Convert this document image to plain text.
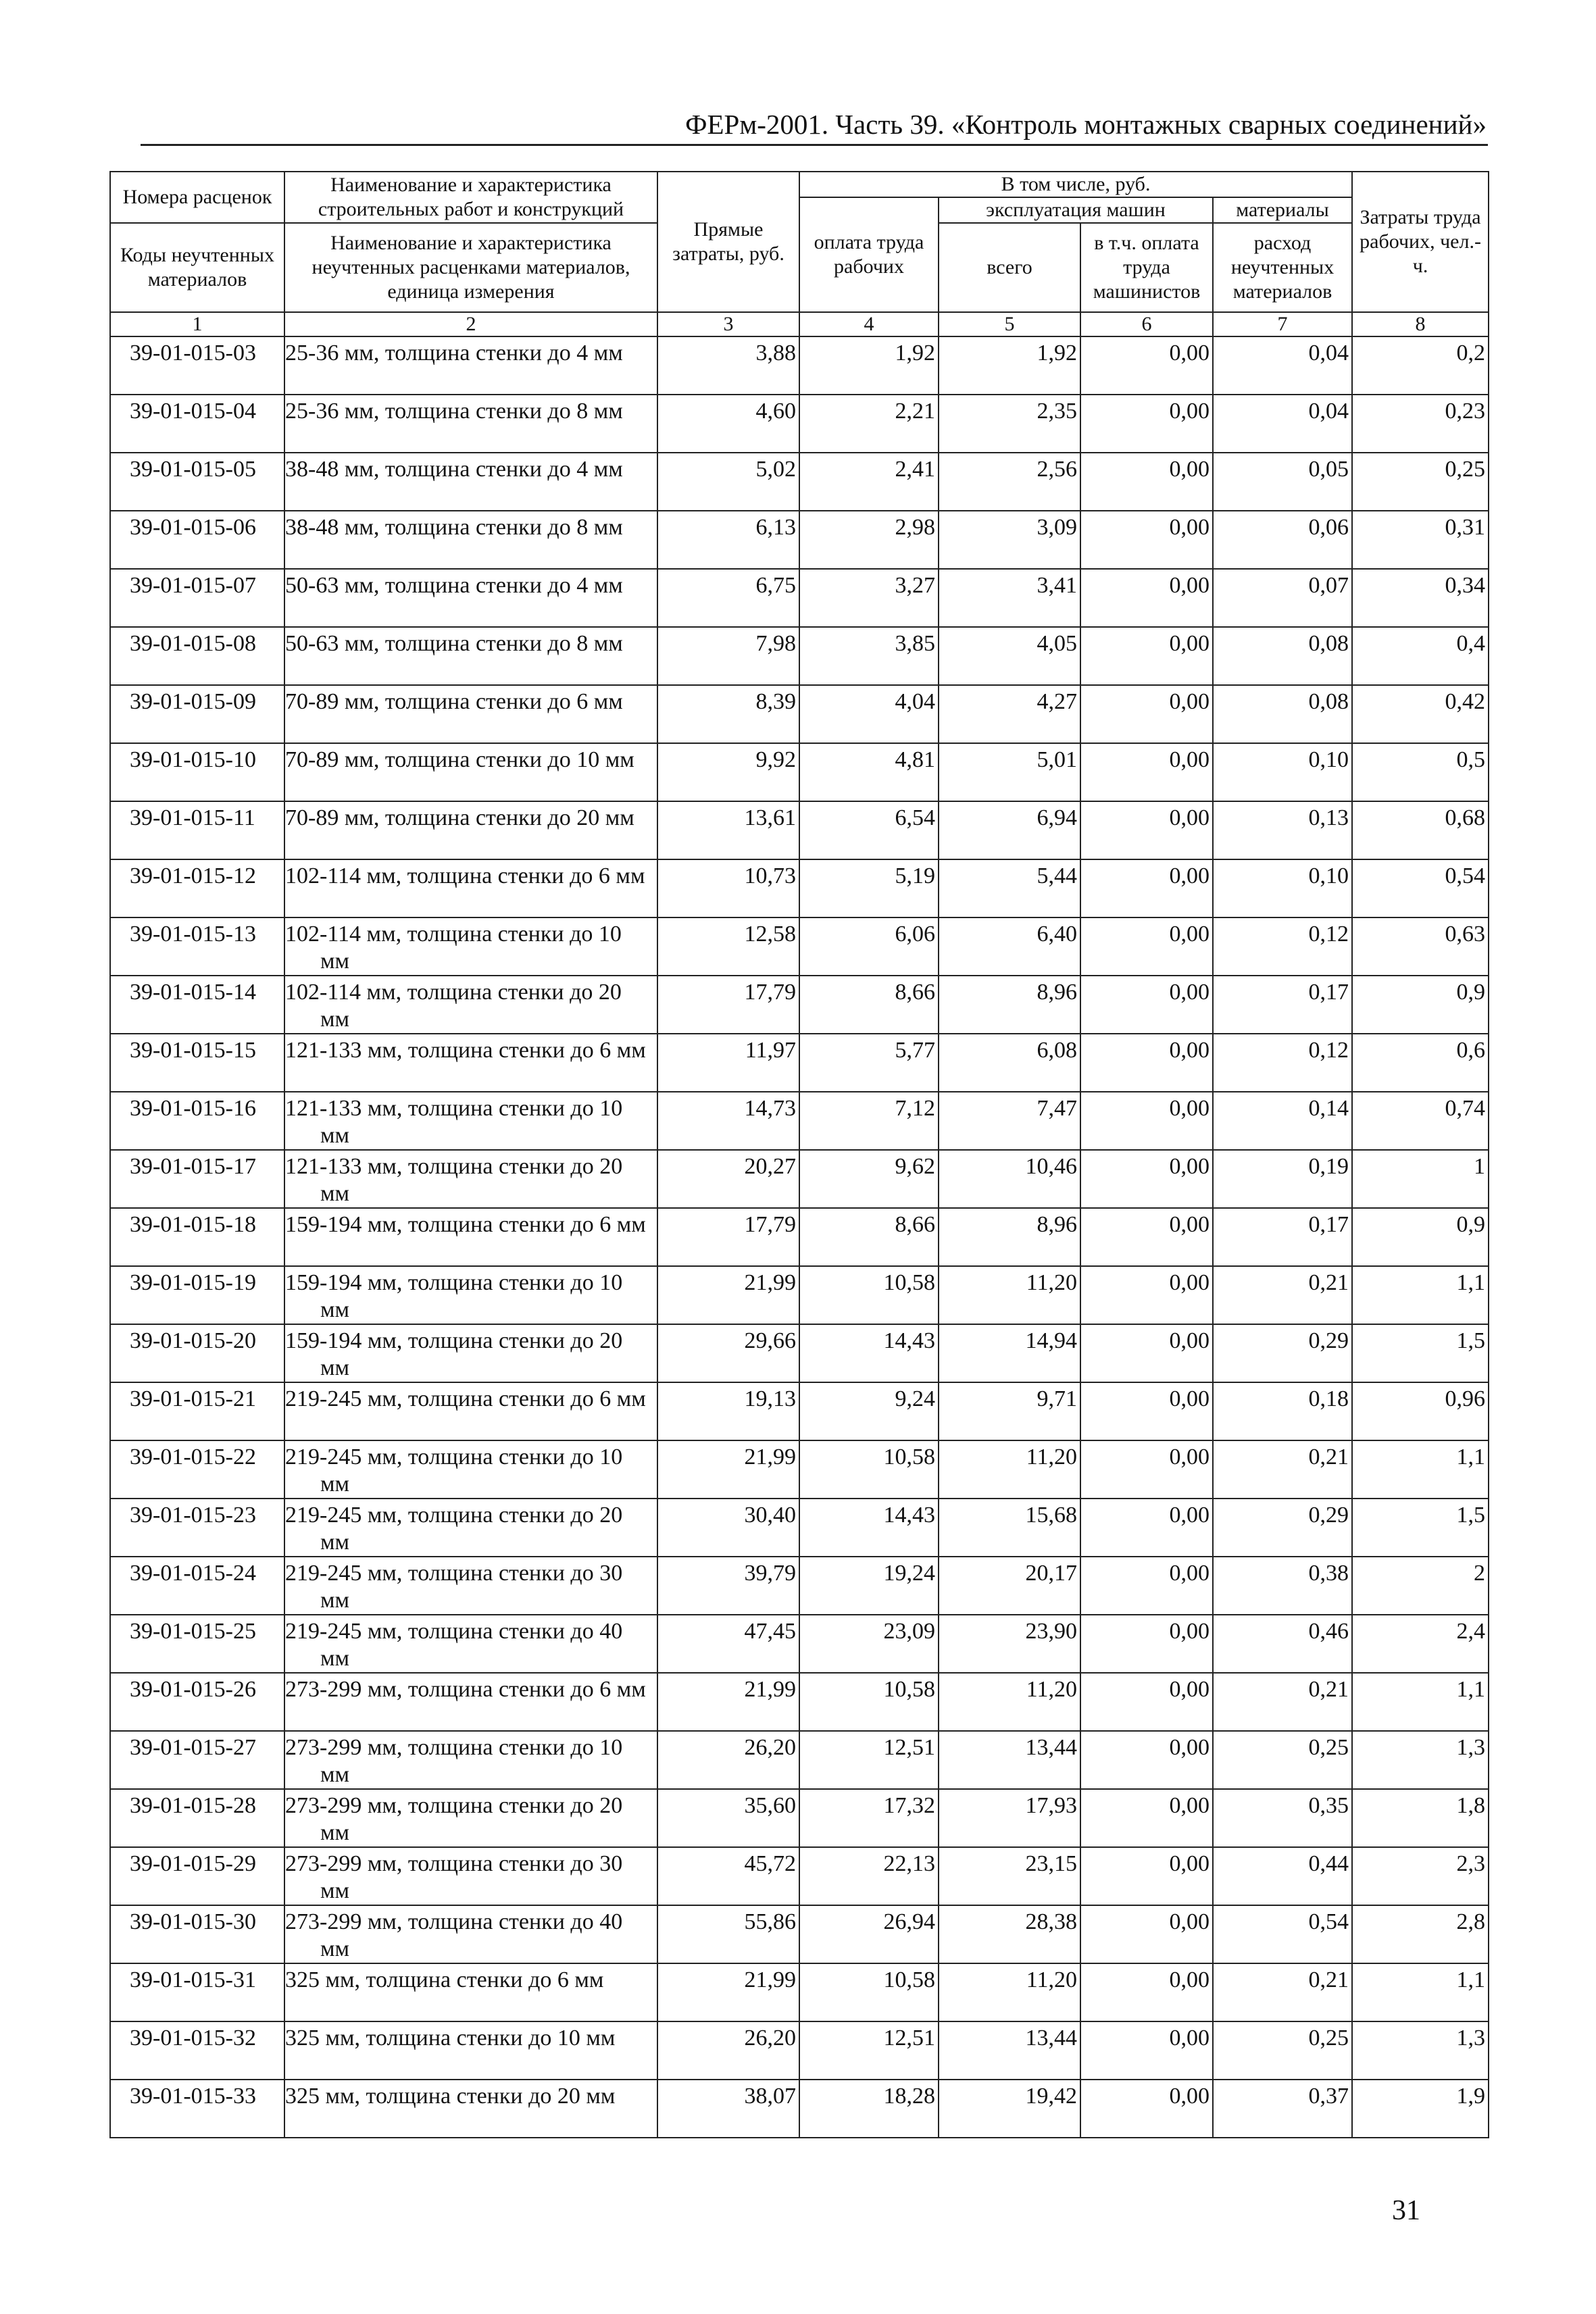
ФЕРм-2001. Часть 39. «Контроль монтажных сварных соединений»
Номера расценок	Наименование и характеристика строительных работ и конструкций	Прямые затраты, руб.	В том числе, руб.				Затраты труда рабочих, чел.-ч.
			оплата труда рабочих	эксплуатация машин		материалы	
Коды неучтенных материалов	Наименование и характеристика неучтенных расценками материалов, единица измерения			всего	в т.ч. оплата труда машинистов	расход неучтенных материалов	

1	2	3	4	5	6	7	8
39-01-015-03	25-36 мм, толщина стенки до 4 мм	3,88	1,92	1,92	0,00	0,04	0,2
39-01-015-04	25-36 мм, толщина стенки до 8 мм	4,60	2,21	2,35	0,00	0,04	0,23
39-01-015-05	38-48 мм, толщина стенки до 4 мм	5,02	2,41	2,56	0,00	0,05	0,25
39-01-015-06	38-48 мм, толщина стенки до 8 мм	6,13	2,98	3,09	0,00	0,06	0,31
39-01-015-07	50-63 мм, толщина стенки до 4 мм	6,75	3,27	3,41	0,00	0,07	0,34
39-01-015-08	50-63 мм, толщина стенки до 8 мм	7,98	3,85	4,05	0,00	0,08	0,4
39-01-015-09	70-89 мм, толщина стенки до 6 мм	8,39	4,04	4,27	0,00	0,08	0,42
39-01-015-10	70-89 мм, толщина стенки до 10 мм	9,92	4,81	5,01	0,00	0,10	0,5
39-01-015-11	70-89 мм, толщина стенки до 20 мм	13,61	6,54	6,94	0,00	0,13	0,68
39-01-015-12	102-114 мм, толщина стенки до 6 мм	10,73	5,19	5,44	0,00	0,10	0,54
39-01-015-13	102-114 мм, толщина стенки до 10 мм	12,58	6,06	6,40	0,00	0,12	0,63
39-01-015-14	102-114 мм, толщина стенки до 20 мм	17,79	8,66	8,96	0,00	0,17	0,9
39-01-015-15	121-133 мм, толщина стенки до 6 мм	11,97	5,77	6,08	0,00	0,12	0,6
39-01-015-16	121-133 мм, толщина стенки до 10 мм	14,73	7,12	7,47	0,00	0,14	0,74
39-01-015-17	121-133 мм, толщина стенки до 20 мм	20,27	9,62	10,46	0,00	0,19	1
39-01-015-18	159-194 мм, толщина стенки до 6 мм	17,79	8,66	8,96	0,00	0,17	0,9
39-01-015-19	159-194 мм, толщина стенки до 10 мм	21,99	10,58	11,20	0,00	0,21	1,1
39-01-015-20	159-194 мм, толщина стенки до 20 мм	29,66	14,43	14,94	0,00	0,29	1,5
39-01-015-21	219-245 мм, толщина стенки до 6 мм	19,13	9,24	9,71	0,00	0,18	0,96
39-01-015-22	219-245 мм, толщина стенки до 10 мм	21,99	10,58	11,20	0,00	0,21	1,1
39-01-015-23	219-245 мм, толщина стенки до 20 мм	30,40	14,43	15,68	0,00	0,29	1,5
39-01-015-24	219-245 мм, толщина стенки до 30 мм	39,79	19,24	20,17	0,00	0,38	2
39-01-015-25	219-245 мм, толщина стенки до 40 мм	47,45	23,09	23,90	0,00	0,46	2,4
39-01-015-26	273-299 мм, толщина стенки до 6 мм	21,99	10,58	11,20	0,00	0,21	1,1
39-01-015-27	273-299 мм, толщина стенки до 10 мм	26,20	12,51	13,44	0,00	0,25	1,3
39-01-015-28	273-299 мм, толщина стенки до 20 мм	35,60	17,32	17,93	0,00	0,35	1,8
39-01-015-29	273-299 мм, толщина стенки до 30 мм	45,72	22,13	23,15	0,00	0,44	2,3
39-01-015-30	273-299 мм, толщина стенки до 40 мм	55,86	26,94	28,38	0,00	0,54	2,8
39-01-015-31	325 мм, толщина стенки до 6 мм	21,99	10,58	11,20	0,00	0,21	1,1
39-01-015-32	325 мм, толщина стенки до 10 мм	26,20	12,51	13,44	0,00	0,25	1,3
39-01-015-33	325 мм, толщина стенки до 20 мм	38,07	18,28	19,42	0,00	0,37	1,9
31
